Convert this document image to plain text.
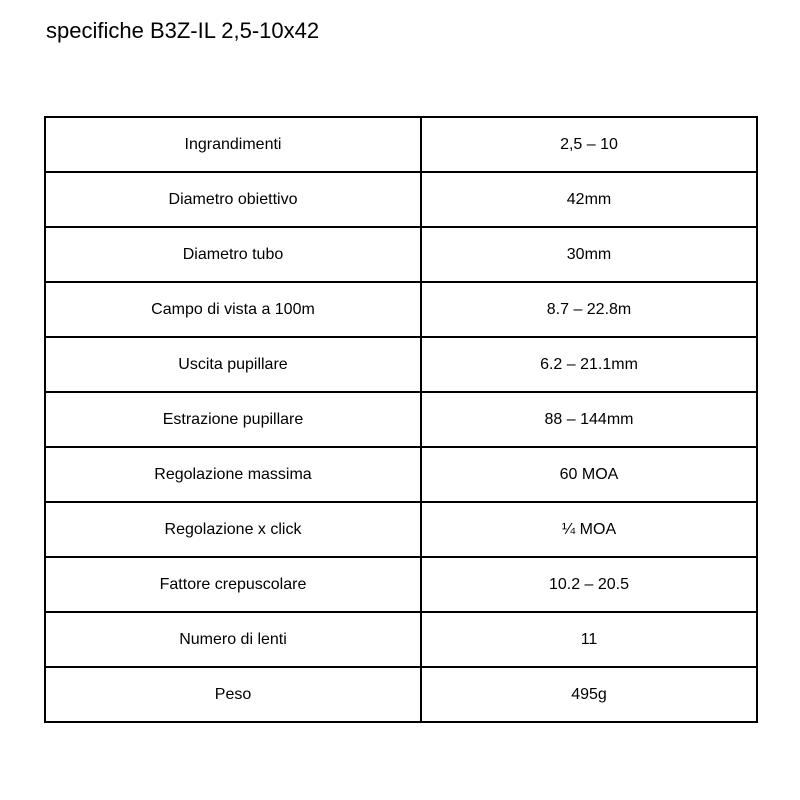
specifiche B3Z-IL 2,5-10x42
Ingrandimenti	2,5 – 10
Diametro obiettivo	42mm
Diametro tubo	30mm
Campo di vista a 100m	8.7 – 22.8m
Uscita pupillare	6.2 – 21.1mm
Estrazione pupillare	88 – 144mm
Regolazione massima	60 MOA
Regolazione x click	¼ MOA
Fattore crepuscolare	10.2 – 20.5
Numero di lenti	11
Peso	495g
